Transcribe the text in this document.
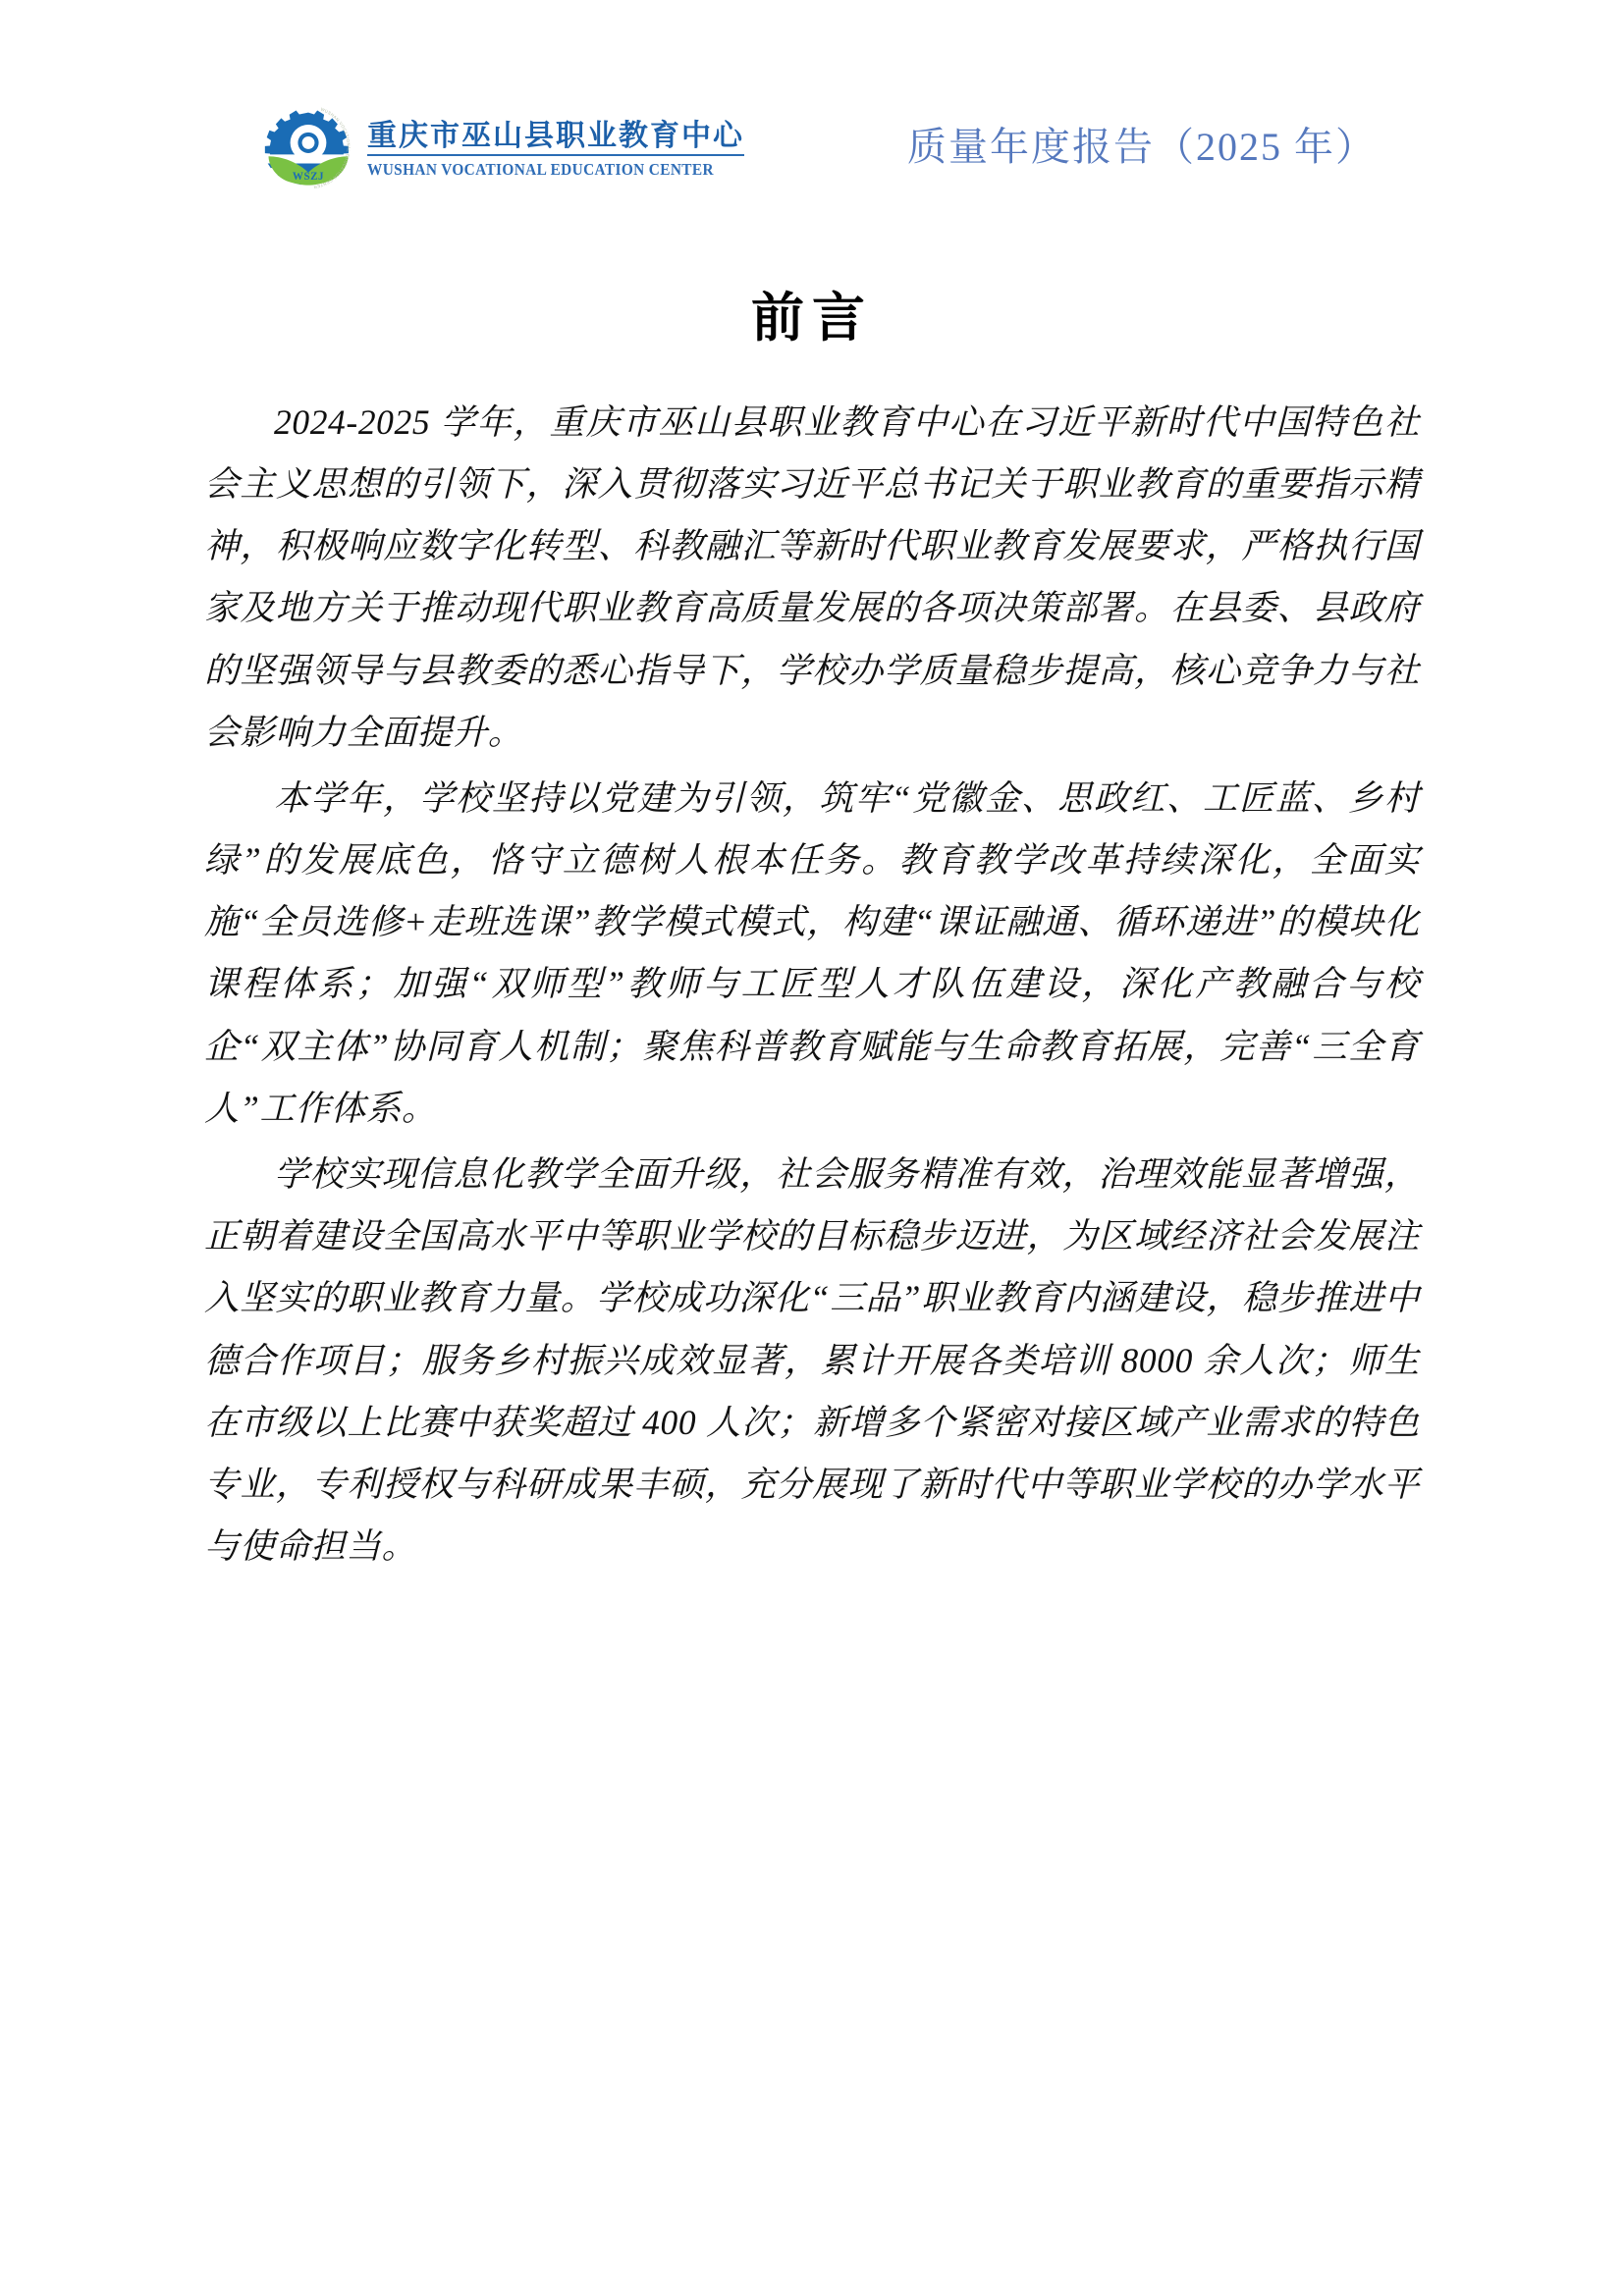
WSZJ
WUSHAN VOCATIONAL EDUCATION CENTER
重庆市巫山县职业教育中心
WUSHAN VOCATIONAL EDUCATION CENTER
质量年度报告（2025 年）
前言

2024-2025 学年，重庆市巫山县职业教育中心在习近平新时代中国特色社会主义思想的引领下，深入贯彻落实习近平总书记关于职业教育的重要指示精神，积极响应数字化转型、科教融汇等新时代职业教育发展要求，严格执行国家及地方关于推动现代职业教育高质量发展的各项决策部署。在县委、县政府的坚强领导与县教委的悉心指导下，学校办学质量稳步提高，核心竞争力与社会影响力全面提升。

本学年，学校坚持以党建为引领，筑牢“党徽金、思政红、工匠蓝、乡村绿”的发展底色，恪守立德树人根本任务。教育教学改革持续深化，全面实施“全员选修+走班选课”教学模式模式，构建“课证融通、循环递进”的模块化课程体系；加强“双师型”教师与工匠型人才队伍建设，深化产教融合与校企“双主体”协同育人机制；聚焦科普教育赋能与生命教育拓展，完善“三全育人”工作体系。

学校实现信息化教学全面升级，社会服务精准有效，治理效能显著增强，正朝着建设全国高水平中等职业学校的目标稳步迈进，为区域经济社会发展注入坚实的职业教育力量。学校成功深化“三品”职业教育内涵建设，稳步推进中德合作项目；服务乡村振兴成效显著，累计开展各类培训 8000 余人次；师生在市级以上比赛中获奖超过 400 人次；新增多个紧密对接区域产业需求的特色专业，专利授权与科研成果丰硕，充分展现了新时代中等职业学校的办学水平与使命担当。
